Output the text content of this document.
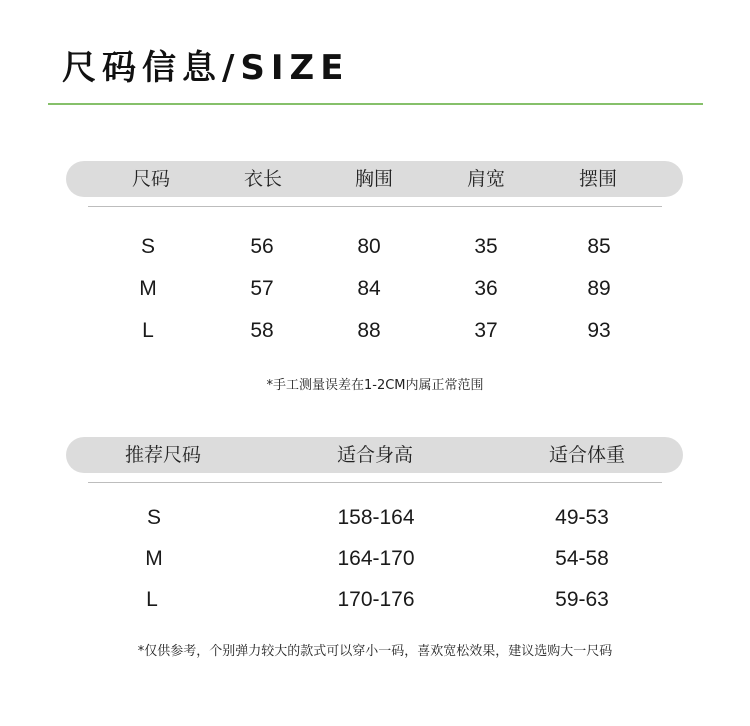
尺码信息/SIZE
尺码	衣长	胸围	肩宽	摆围
S	56	80	35	85
M	57	84	36	89
L	58	88	37	93
*手工测量误差在1-2CM内属正常范围
推荐尺码	适合身高	适合体重
S	158-164	49-53
M	164-170	54-58
L	170-176	59-63
*仅供参考，个别弹力较大的款式可以穿小一码，喜欢宽松效果，建议选购大一尺码
